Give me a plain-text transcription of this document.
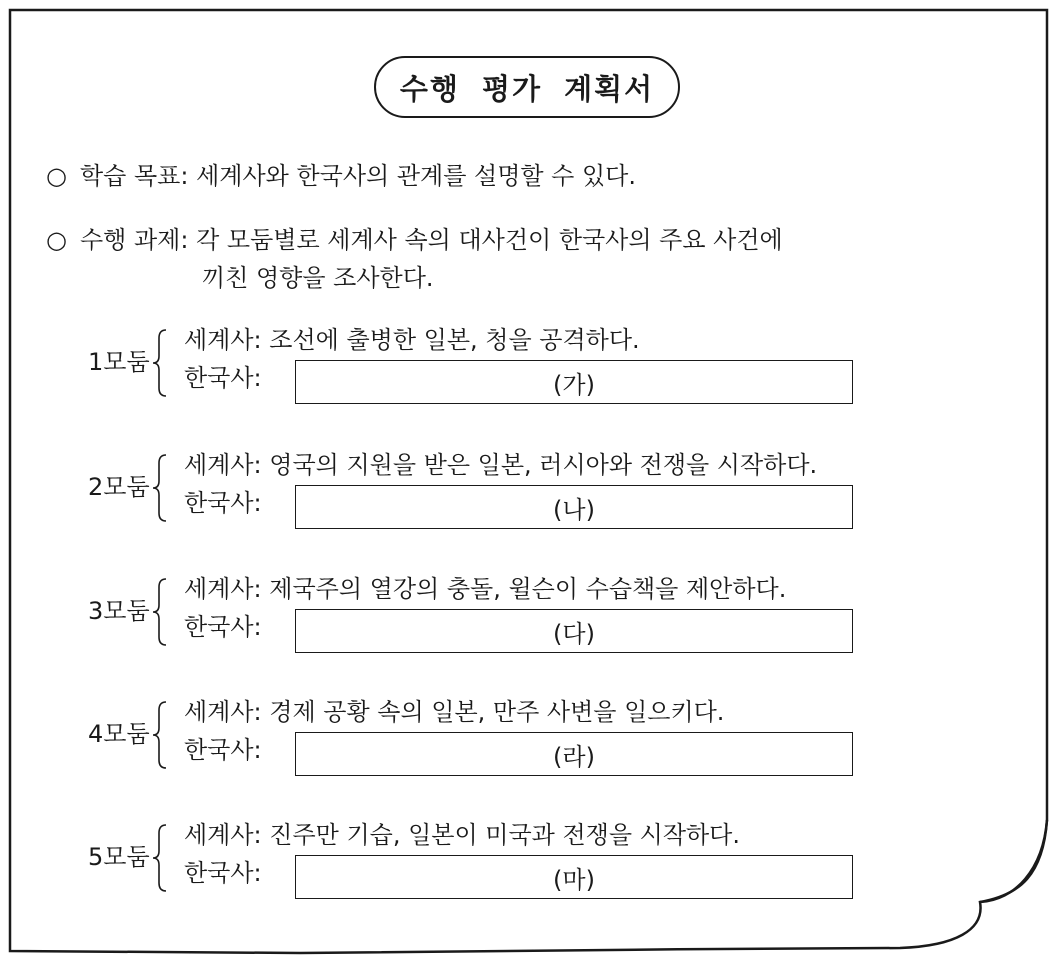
수행 평가 계획서
○ 학습 목표: 세계사와 한국사의 관계를 설명할 수 있다.
○ 수행 과제: 각 모둠별로 세계사 속의 대사건이 한국사의 주요 사건에
끼친 영향을 조사한다.
1모둠
세계사: 조선에 출병한 일본, 청을 공격하다.
한국사:	(가)
2모둠
세계사: 영국의 지원을 받은 일본, 러시아와 전쟁을 시작하다.
한국사:	(나)
3모둠
세계사: 제국주의 열강의 충돌, 윌슨이 수습책을 제안하다.
한국사:	(다)
4모둠
세계사: 경제 공황 속의 일본, 만주 사변을 일으키다.
한국사:	(라)
5모둠
세계사: 진주만 기습, 일본이 미국과 전쟁을 시작하다.
한국사:	(마)
